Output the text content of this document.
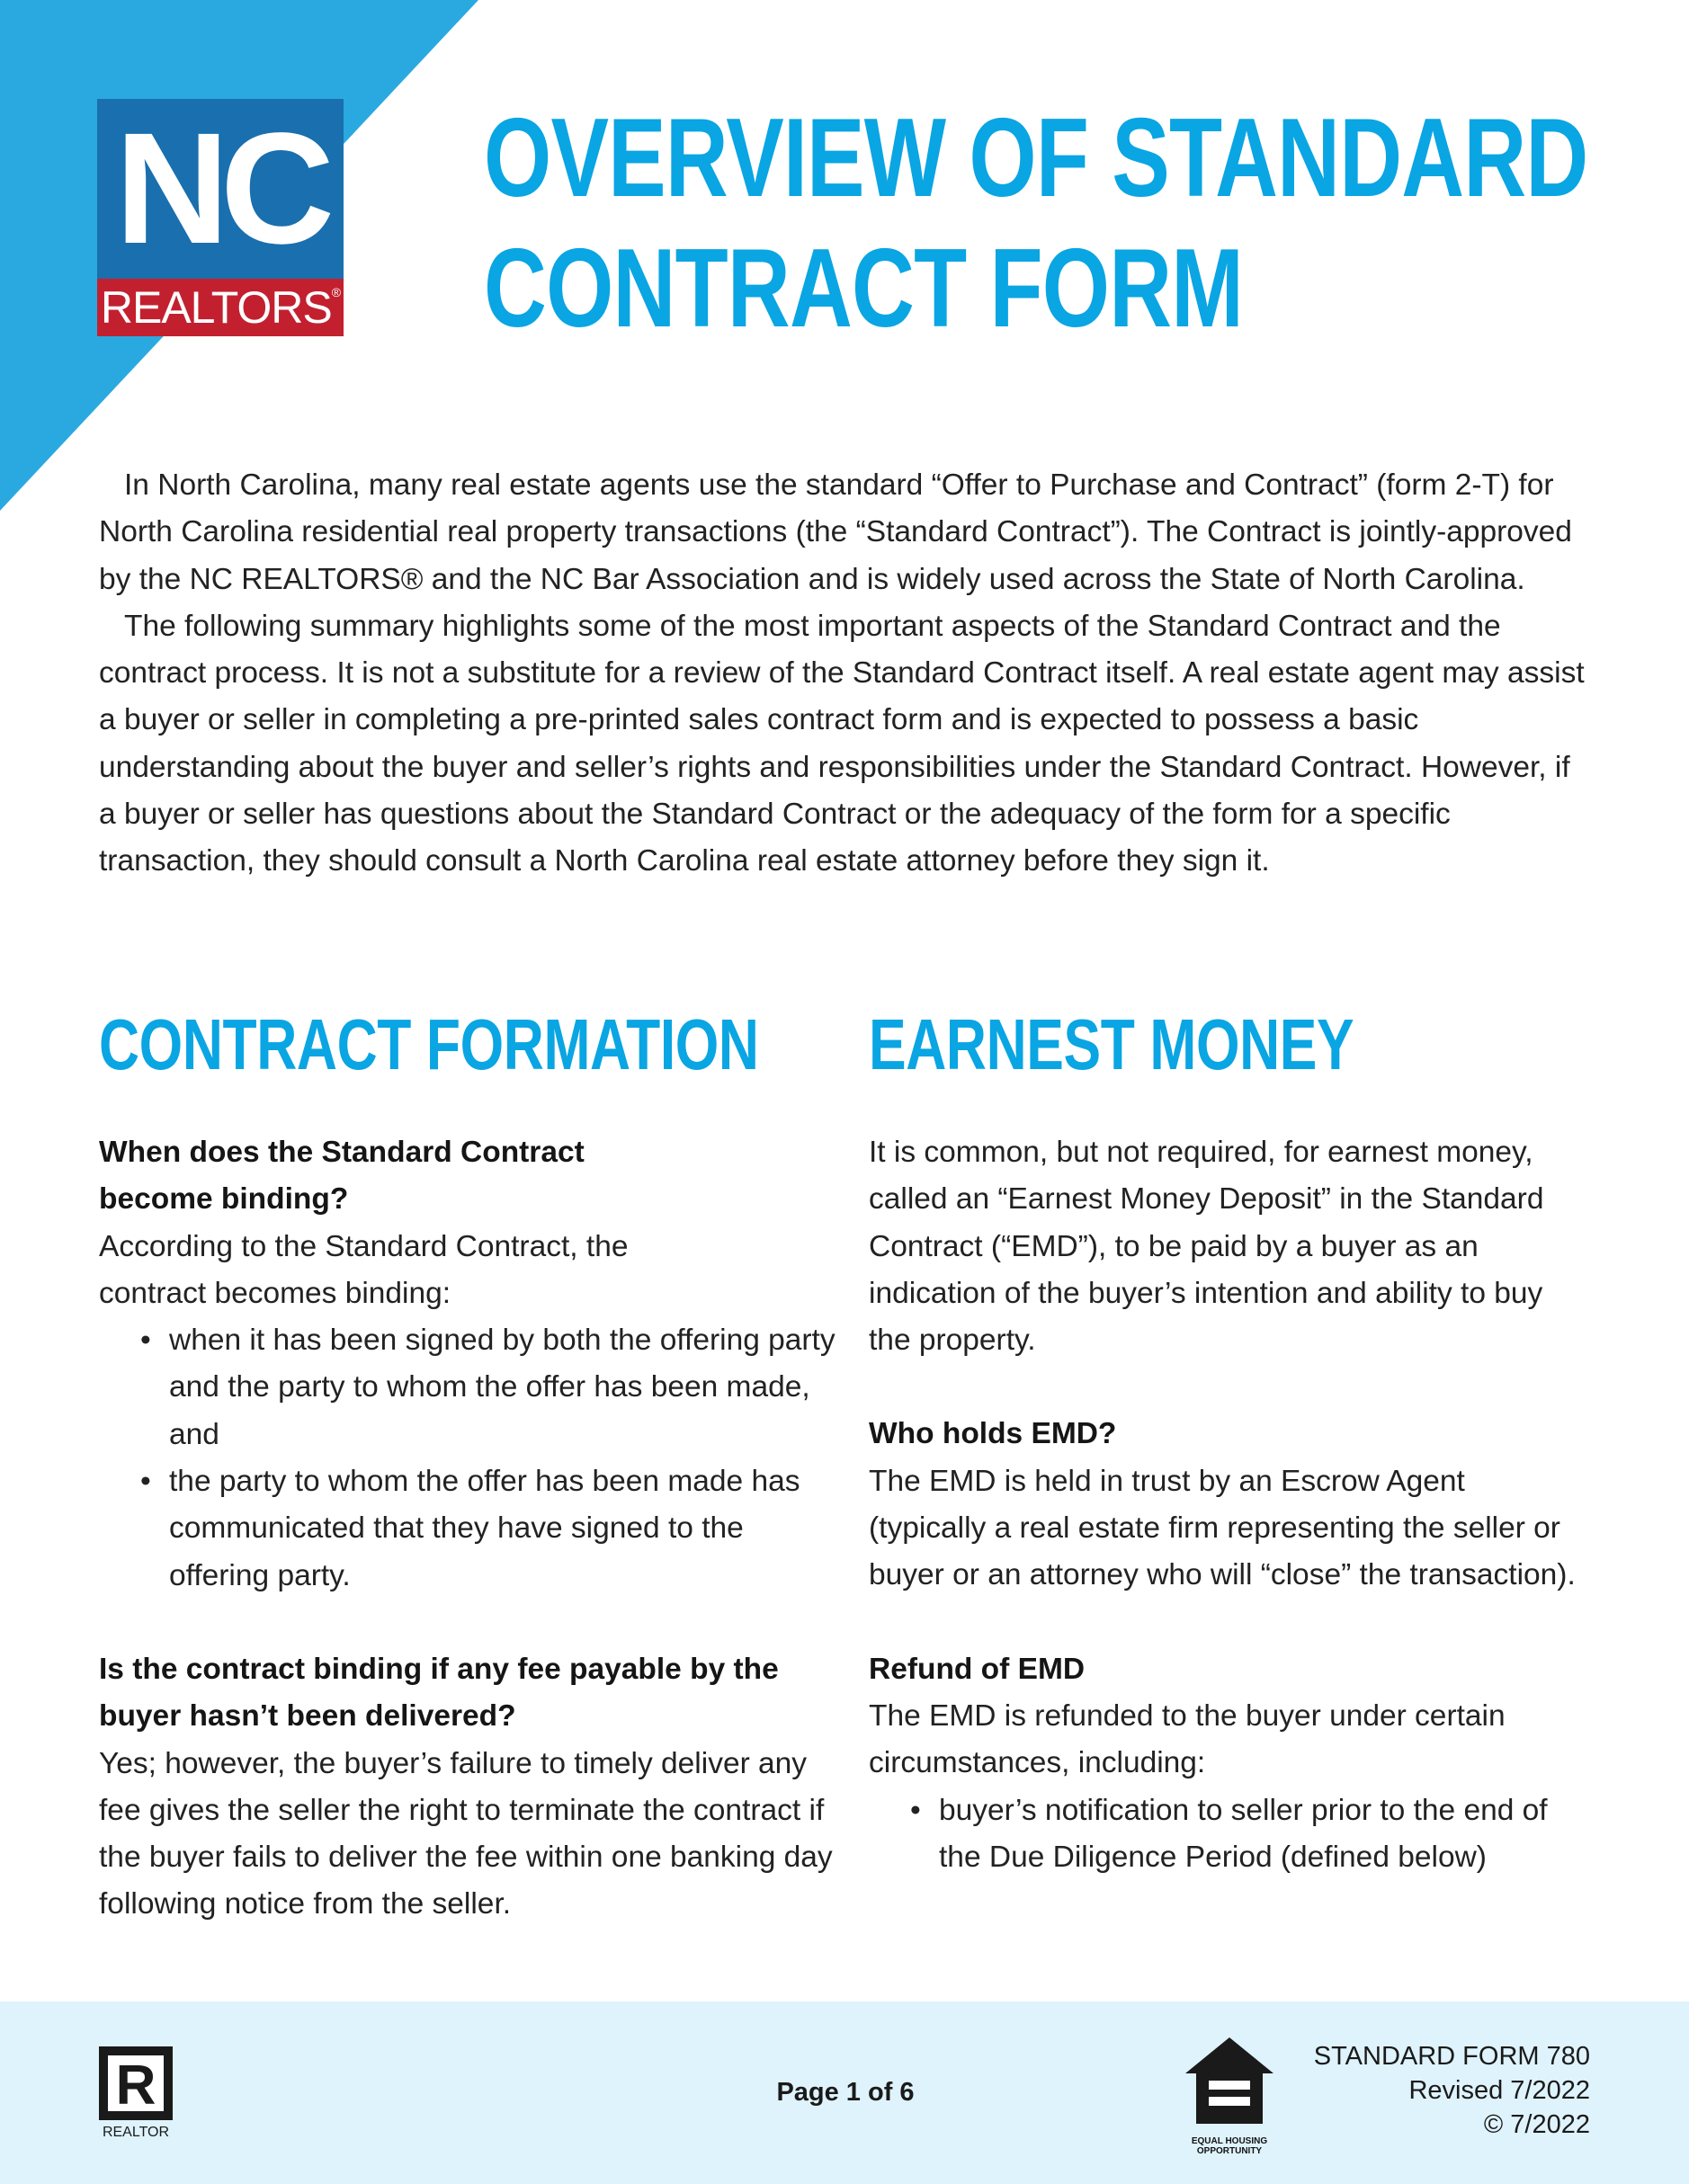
NC
REALTORS®
OVERVIEW OF STANDARD
CONTRACT FORM

In North Carolina, many real estate agents use the standard “Offer to Purchase and Contract” (form 2-T) for North Carolina residential real property transactions (the “Standard Contract”). The Contract is jointly-approved by the NC REALTORS® and the NC Bar Association and is widely used across the State of North Carolina.

The following summary highlights some of the most important aspects of the Standard Contract and the contract process. It is not a substitute for a review of the Standard Contract itself. A real estate agent may assist a buyer or seller in completing a pre-printed sales contract form and is expected to possess a basic understanding about the buyer and seller’s rights and responsibilities under the Standard Contract. However, if a buyer or seller has questions about the Standard Contract or the adequacy of the form for a specific transaction, they should consult a North Carolina real estate attorney before they sign it.

CONTRACT FORMATION

When does the Standard Contract become binding?

According to the Standard Contract, the contract becomes binding:

• when it has been signed by both the offering party and the party to whom the offer has been made, and
• the party to whom the offer has been made has communicated that they have signed to the offering party.

Is the contract binding if any fee payable by the buyer hasn’t been delivered?

Yes; however, the buyer’s failure to timely deliver any fee gives the seller the right to terminate the contract if the buyer fails to deliver the fee within one banking day following notice from the seller.

EARNEST MONEY

It is common, but not required, for earnest money, called an “Earnest Money Deposit” in the Standard Contract (“EMD”), to be paid by a buyer as an indication of the buyer’s intention and ability to buy the property.

Who holds EMD?

The EMD is held in trust by an Escrow Agent (typically a real estate firm representing the seller or buyer or an attorney who will “close” the transaction).

Refund of EMD

The EMD is refunded to the buyer under certain circumstances, including:

• buyer’s notification to seller prior to the end of the Due Diligence Period (defined below)
R
REALTOR
Page 1 of 6
EQUAL HOUSING
OPPORTUNITY
STANDARD FORM 780
Revised 7/2022
© 7/2022
